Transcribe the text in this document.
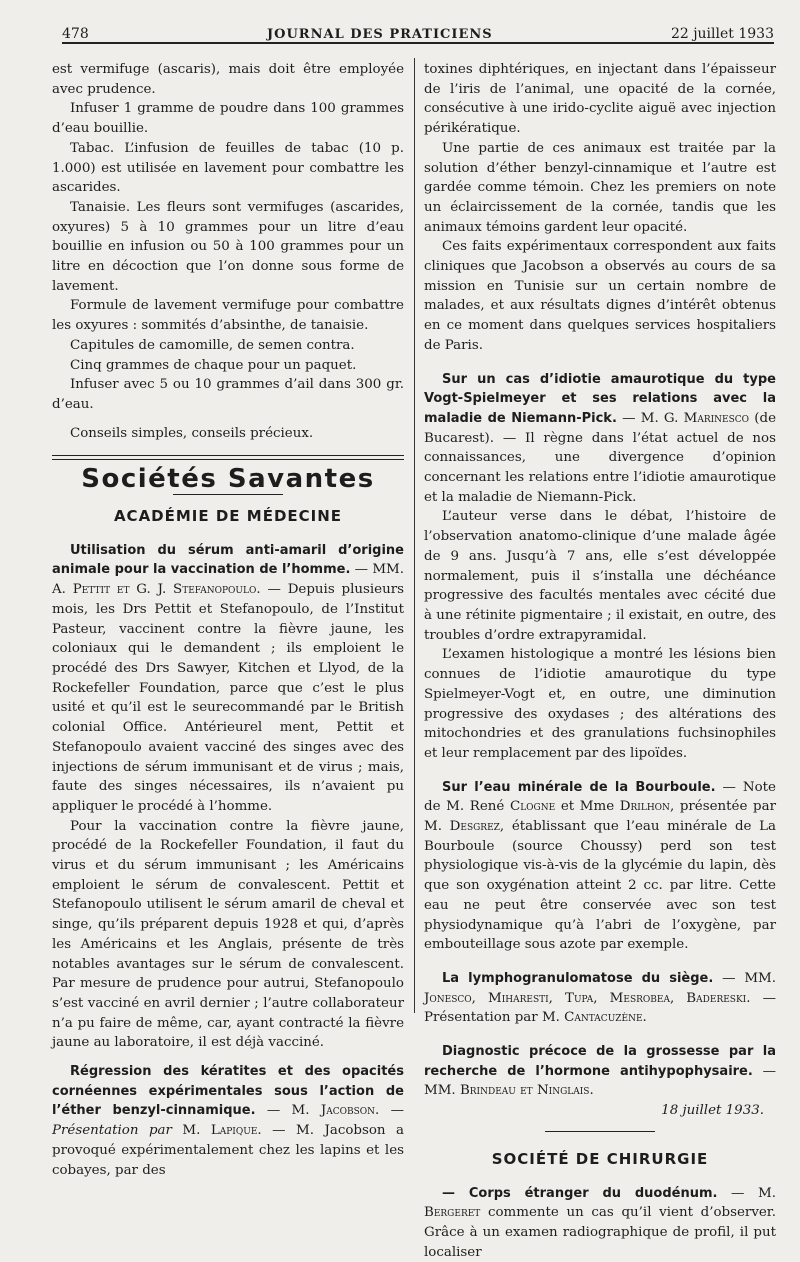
478	JOURNAL DES PRATICIENS	22 juillet 1933

est vermifuge (ascaris), mais doit être employée avec prudence.

Infuser 1 gramme de poudre dans 100 grammes d’eau bouillie.

Tabac. L’infusion de feuilles de tabac (10 p. 1.000) est utilisée en lavement pour combattre les ascarides.

Tanaisie. Les fleurs sont vermifuges (ascarides, oxyures) 5 à 10 grammes pour un litre d’eau bouillie en infusion ou 50 à 100 grammes pour un litre en décoction que l’on donne sous forme de lavement.

Formule de lavement vermifuge pour combattre les oxyures : sommités d’absinthe, de tanaisie.

Capitules de camomille, de semen contra.

Cinq grammes de chaque pour un paquet.

Infuser avec 5 ou 10 grammes d’ail dans 300 gr. d’eau.

Conseils simples, conseils précieux.

Sociétés Savantes
ACADÉMIE DE MÉDECINE

Utilisation du sérum anti-amaril d’origine animale pour la vaccination de l’homme. — MM. A. Pettit et G. J. Stefanopoulo. — Depuis plusieurs mois, les Drs Pettit et Stefanopoulo, de l’Institut Pasteur, vaccinent contre la fièvre jaune, les coloniaux qui le demandent ; ils emploient le procédé des Drs Sawyer, Kitchen et Llyod, de la Rockefeller Foundation, parce que c’est le plus usité et qu’il est le seurecommandé par le British colonial Office. Antérieurel ment, Pettit et Stefanopoulo avaient vacciné des singes avec des injections de sérum immunisant et de virus ; mais, faute des singes nécessaires, ils n’avaient pu appliquer le procédé à l’homme.

Pour la vaccination contre la fièvre jaune, procédé de la Rockefeller Foundation, il faut du virus et du sérum immunisant ; les Américains emploient le sérum de convalescent. Pettit et Stefanopoulo utilisent le sérum amaril de cheval et singe, qu’ils préparent depuis 1928 et qui, d’après les Américains et les Anglais, présente de très notables avantages sur le sérum de convalescent. Par mesure de prudence pour autrui, Stefanopoulo s’est vacciné en avril dernier ; l’autre collaborateur n’a pu faire de même, car, ayant contracté la fièvre jaune au laboratoire, il est déjà vacciné.

Régression des kératites et des opacités cornéennes expérimentales sous l’action de l’éther benzyl-cinnamique. — M. Jacobson. — Présentation par M. Lapique. — M. Jacobson a provoqué expérimentalement chez les lapins et les cobayes, par des

toxines diphtériques, en injectant dans l’épaisseur de l’iris de l’animal, une opacité de la cornée, consécutive à une irido-cyclite aiguë avec injection périkératique.

Une partie de ces animaux est traitée par la solution d’éther benzyl-cinnamique et l’autre est gardée comme témoin. Chez les premiers on note un éclaircissement de la cornée, tandis que les animaux témoins gardent leur opacité.

Ces faits expérimentaux correspondent aux faits cliniques que Jacobson a observés au cours de sa mission en Tunisie sur un certain nombre de malades, et aux résultats dignes d’intérêt obtenus en ce moment dans quelques services hospitaliers de Paris.

Sur un cas d’idiotie amaurotique du type Vogt-Spielmeyer et ses relations avec la maladie de Niemann-Pick. — M. G. Marinesco (de Bucarest). — Il règne dans l’état actuel de nos connaissances, une divergence d’opinion concernant les relations entre l’idiotie amaurotique et la maladie de Niemann-Pick.

L’auteur verse dans le débat, l’histoire de l’observation anatomo-clinique d’une malade âgée de 9 ans. Jusqu’à 7 ans, elle s’est développée normalement, puis il s’installa une déchéance progressive des facultés mentales avec cécité due à une rétinite pigmentaire ; il existait, en outre, des troubles d’ordre extrapyramidal.

L’examen histologique a montré les lésions bien connues de l’idiotie amaurotique du type Spielmeyer-Vogt et, en outre, une diminution progressive des oxydases ; des altérations des mitochondries et des granulations fuchsinophiles et leur remplacement par des lipoïdes.

Sur l’eau minérale de la Bourboule. — Note de M. René Clogne et Mme Drilhon, présentée par M. Desgrez, établissant que l’eau minérale de La Bourboule (source Choussy) perd son test physiologique vis-à-vis de la glycémie du lapin, dès que son oxygénation atteint 2 cc. par litre. Cette eau ne peut être conservée avec son test physiodynamique qu’à l’abri de l’oxygène, par embouteillage sous azote par exemple.

La lymphogranulomatose du siège. — MM. Jonesco, Miharesti, Tupa, Mesrobea, Badereski. — Présentation par M. Cantacuzène.

Diagnostic précoce de la grossesse par la recherche de l’hormone antihypophysaire. — MM. Brindeau et Ninglais.

18 juillet 1933.

SOCIÉTÉ DE CHIRURGIE

— Corps étranger du duodénum. — M. Bergeret commente un cas qu’il vient d’observer. Grâce à un examen radiographique de profil, il put localiser
